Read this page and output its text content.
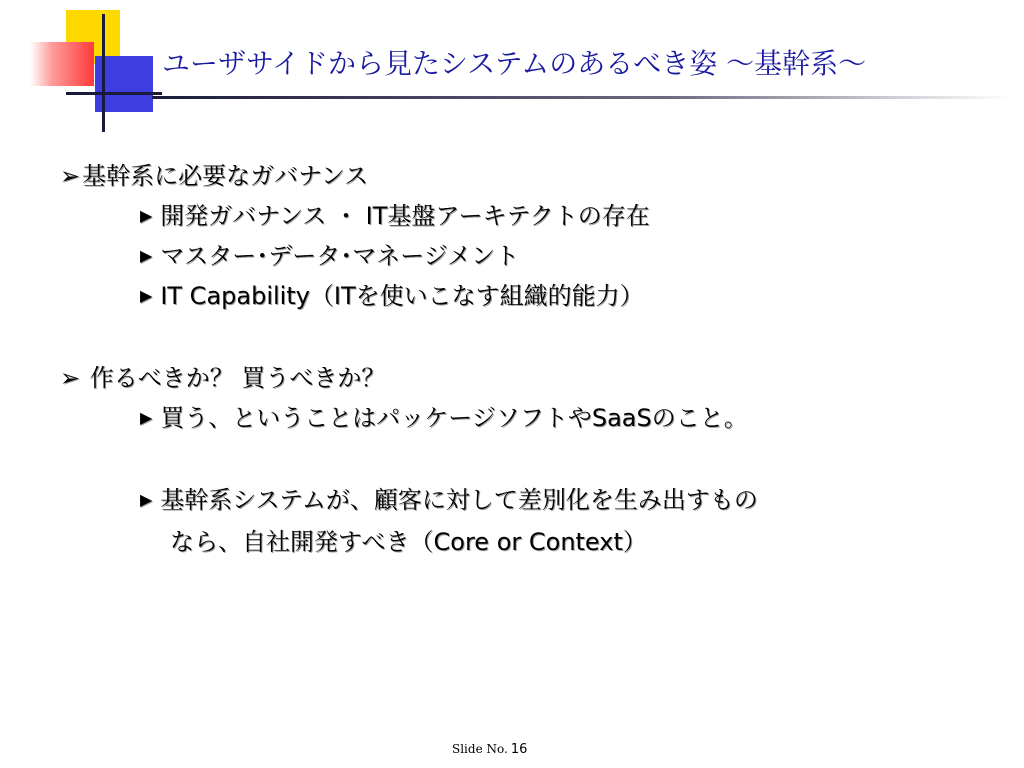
ユーザサイドから見たシステムのあるべき姿 ～基幹系～
➢基幹系に必要なガバナンス
▶ 開発ガバナンス ・ IT基盤アーキテクトの存在
▶ マスター･データ･マネージメント
▶ IT Capability（ITを使いこなす組織的能力）
➢ 作るべきか？ 買うべきか？
▶ 買う、ということはパッケージソフトやSaaSのこと。
▶ 基幹系システムが、顧客に対して差別化を生み出すもの
なら、自社開発すべき（Core or Context）
Slide No. 16
